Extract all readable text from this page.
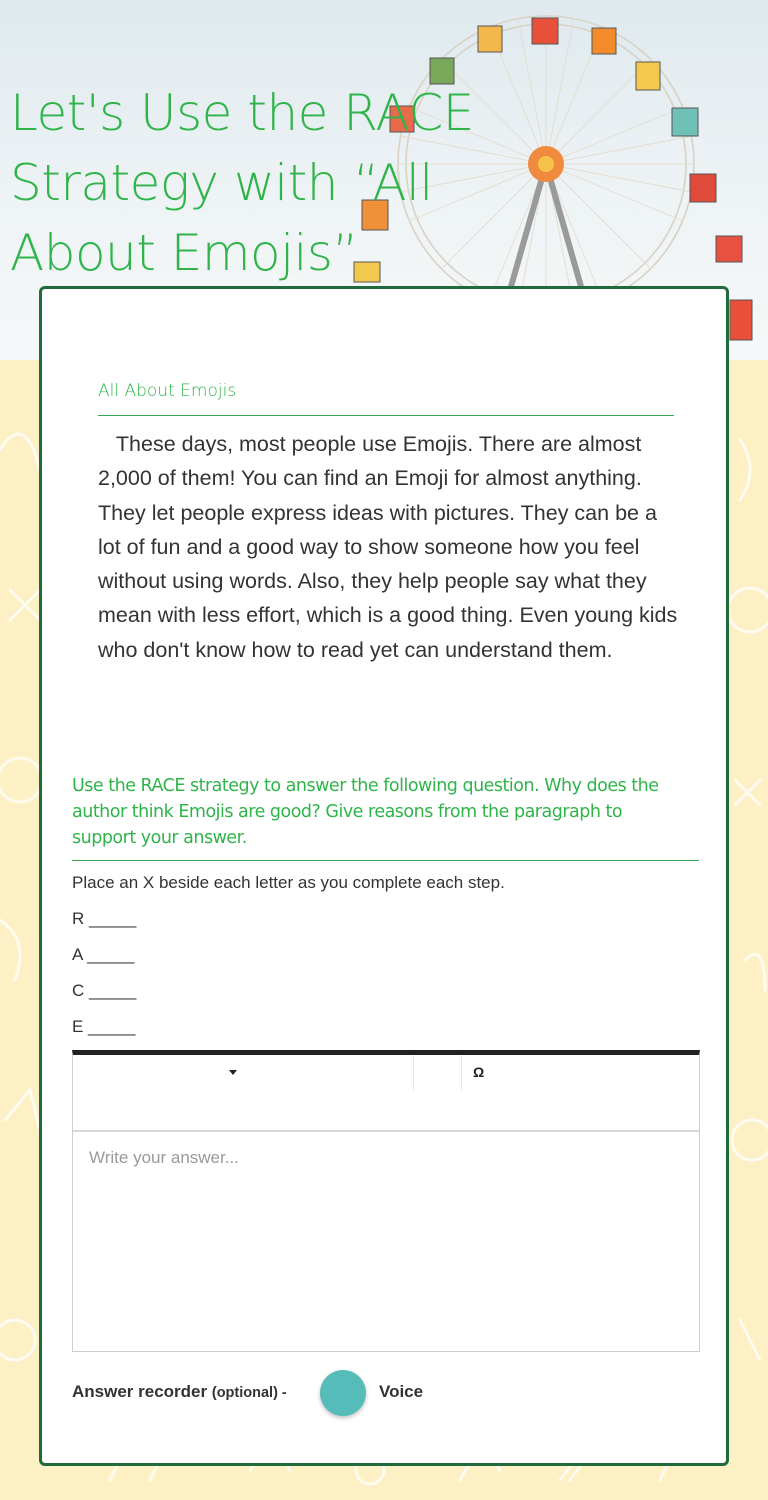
Let's Use the RACE Strategy with “All About Emojis”
All About Emojis
These days, most people use Emojis. There are almost 2,000 of them! You can find an Emoji for almost anything. They let people express ideas with pictures. They can be a lot of fun and a good way to show someone how you feel without using words. Also, they help people say what they mean with less effort, which is a good thing. Even young kids who don't know how to read yet can understand them.
Use the RACE strategy to answer the following question. Why does the author think Emojis are good? Give reasons from the paragraph to support your answer.
Place an X beside each letter as you complete each step.
R _____
A _____
C _____
E _____
Ω
Write your answer...
Answer recorder (optional) -	Voice
